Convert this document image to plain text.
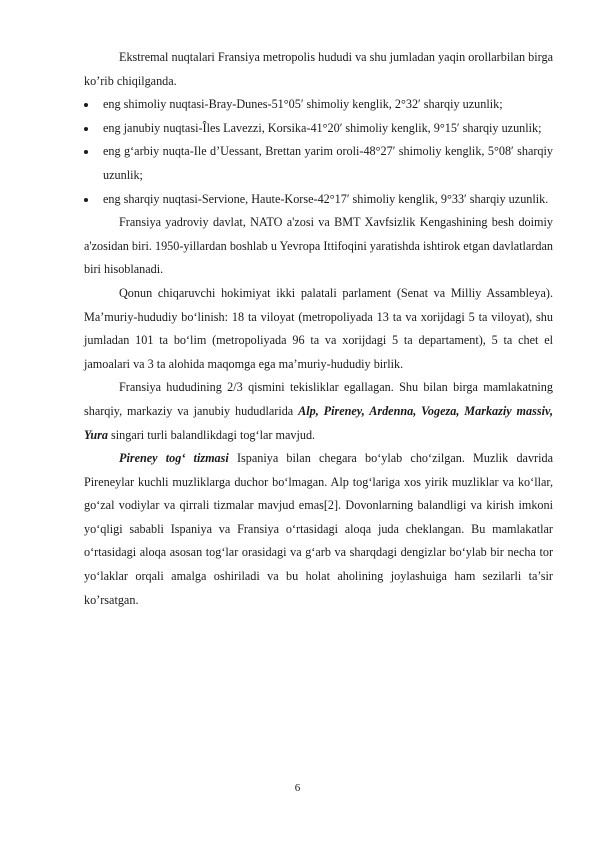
Ekstremal nuqtalari Fransiya metropolis hududi va shu jumladan yaqin orollarbilan birga ko’rib chiqilganda.

eng shimoliy nuqtasi-Bray-Dunes-51°05′ shimoliy kenglik, 2°32′ sharqiy uzunlik;
eng janubiy nuqtasi-Îles Lavezzi, Korsika-41°20′ shimoliy kenglik, 9°15′ sharqiy uzunlik;
eng g‘arbiy nuqta-Ile d’Uessant, Brettan yarim oroli-48°27′ shimoliy kenglik, 5°08′ sharqiy uzunlik;
eng sharqiy nuqtasi-Servione, Haute-Korse-42°17′ shimoliy kenglik, 9°33′ sharqiy uzunlik.

Fransiya yadroviy davlat, NATO a'zosi va BMT Xavfsizlik Kengashining besh doimiy a'zosidan biri. 1950-yillardan boshlab u Yevropa Ittifoqini yaratishda ishtirok etgan davlatlardan biri hisoblanadi.

Qonun chiqaruvchi hokimiyat ikki palatali parlament (Senat va Milliy Assambleya). Ma’muriy-hududiy bo‘linish: 18 ta viloyat (metropoliyada 13 ta va xorijdagi 5 ta viloyat), shu jumladan 101 ta bo‘lim (metropoliyada 96 ta va xorijdagi 5 ta departament), 5 ta chet el jamoalari va 3 ta alohida maqomga ega ma’muriy-hududiy birlik.

Fransiya hududining 2/3 qismini tekisliklar egallagan. Shu bilan birga mamlakatning sharqiy, markaziy va janubiy hududlarida Alp, Pireney, Ardenna, Vogeza, Markaziy massiv, Yura singari turli balandlikdagi tog‘lar mavjud.

Pireney tog‘ tizmasi Ispaniya bilan chegara bo‘ylab cho‘zilgan. Muzlik davrida Pireneylar kuchli muzliklarga duchor bo‘lmagan. Alp tog‘lariga xos yirik muzliklar va ko‘llar, go‘zal vodiylar va qirrali tizmalar mavjud emas[2]. Dovonlarning balandligi va kirish imkoni yo‘qligi sababli Ispaniya va Fransiya o‘rtasidagi aloqa juda cheklangan. Bu mamlakatlar o‘rtasidagi aloqa asosan tog‘lar orasidagi va g‘arb va sharqdagi dengizlar bo‘ylab bir necha tor yo‘laklar orqali amalga oshiriladi va bu holat aholining joylashuiga ham sezilarli ta’sir ko’rsatgan.

6
